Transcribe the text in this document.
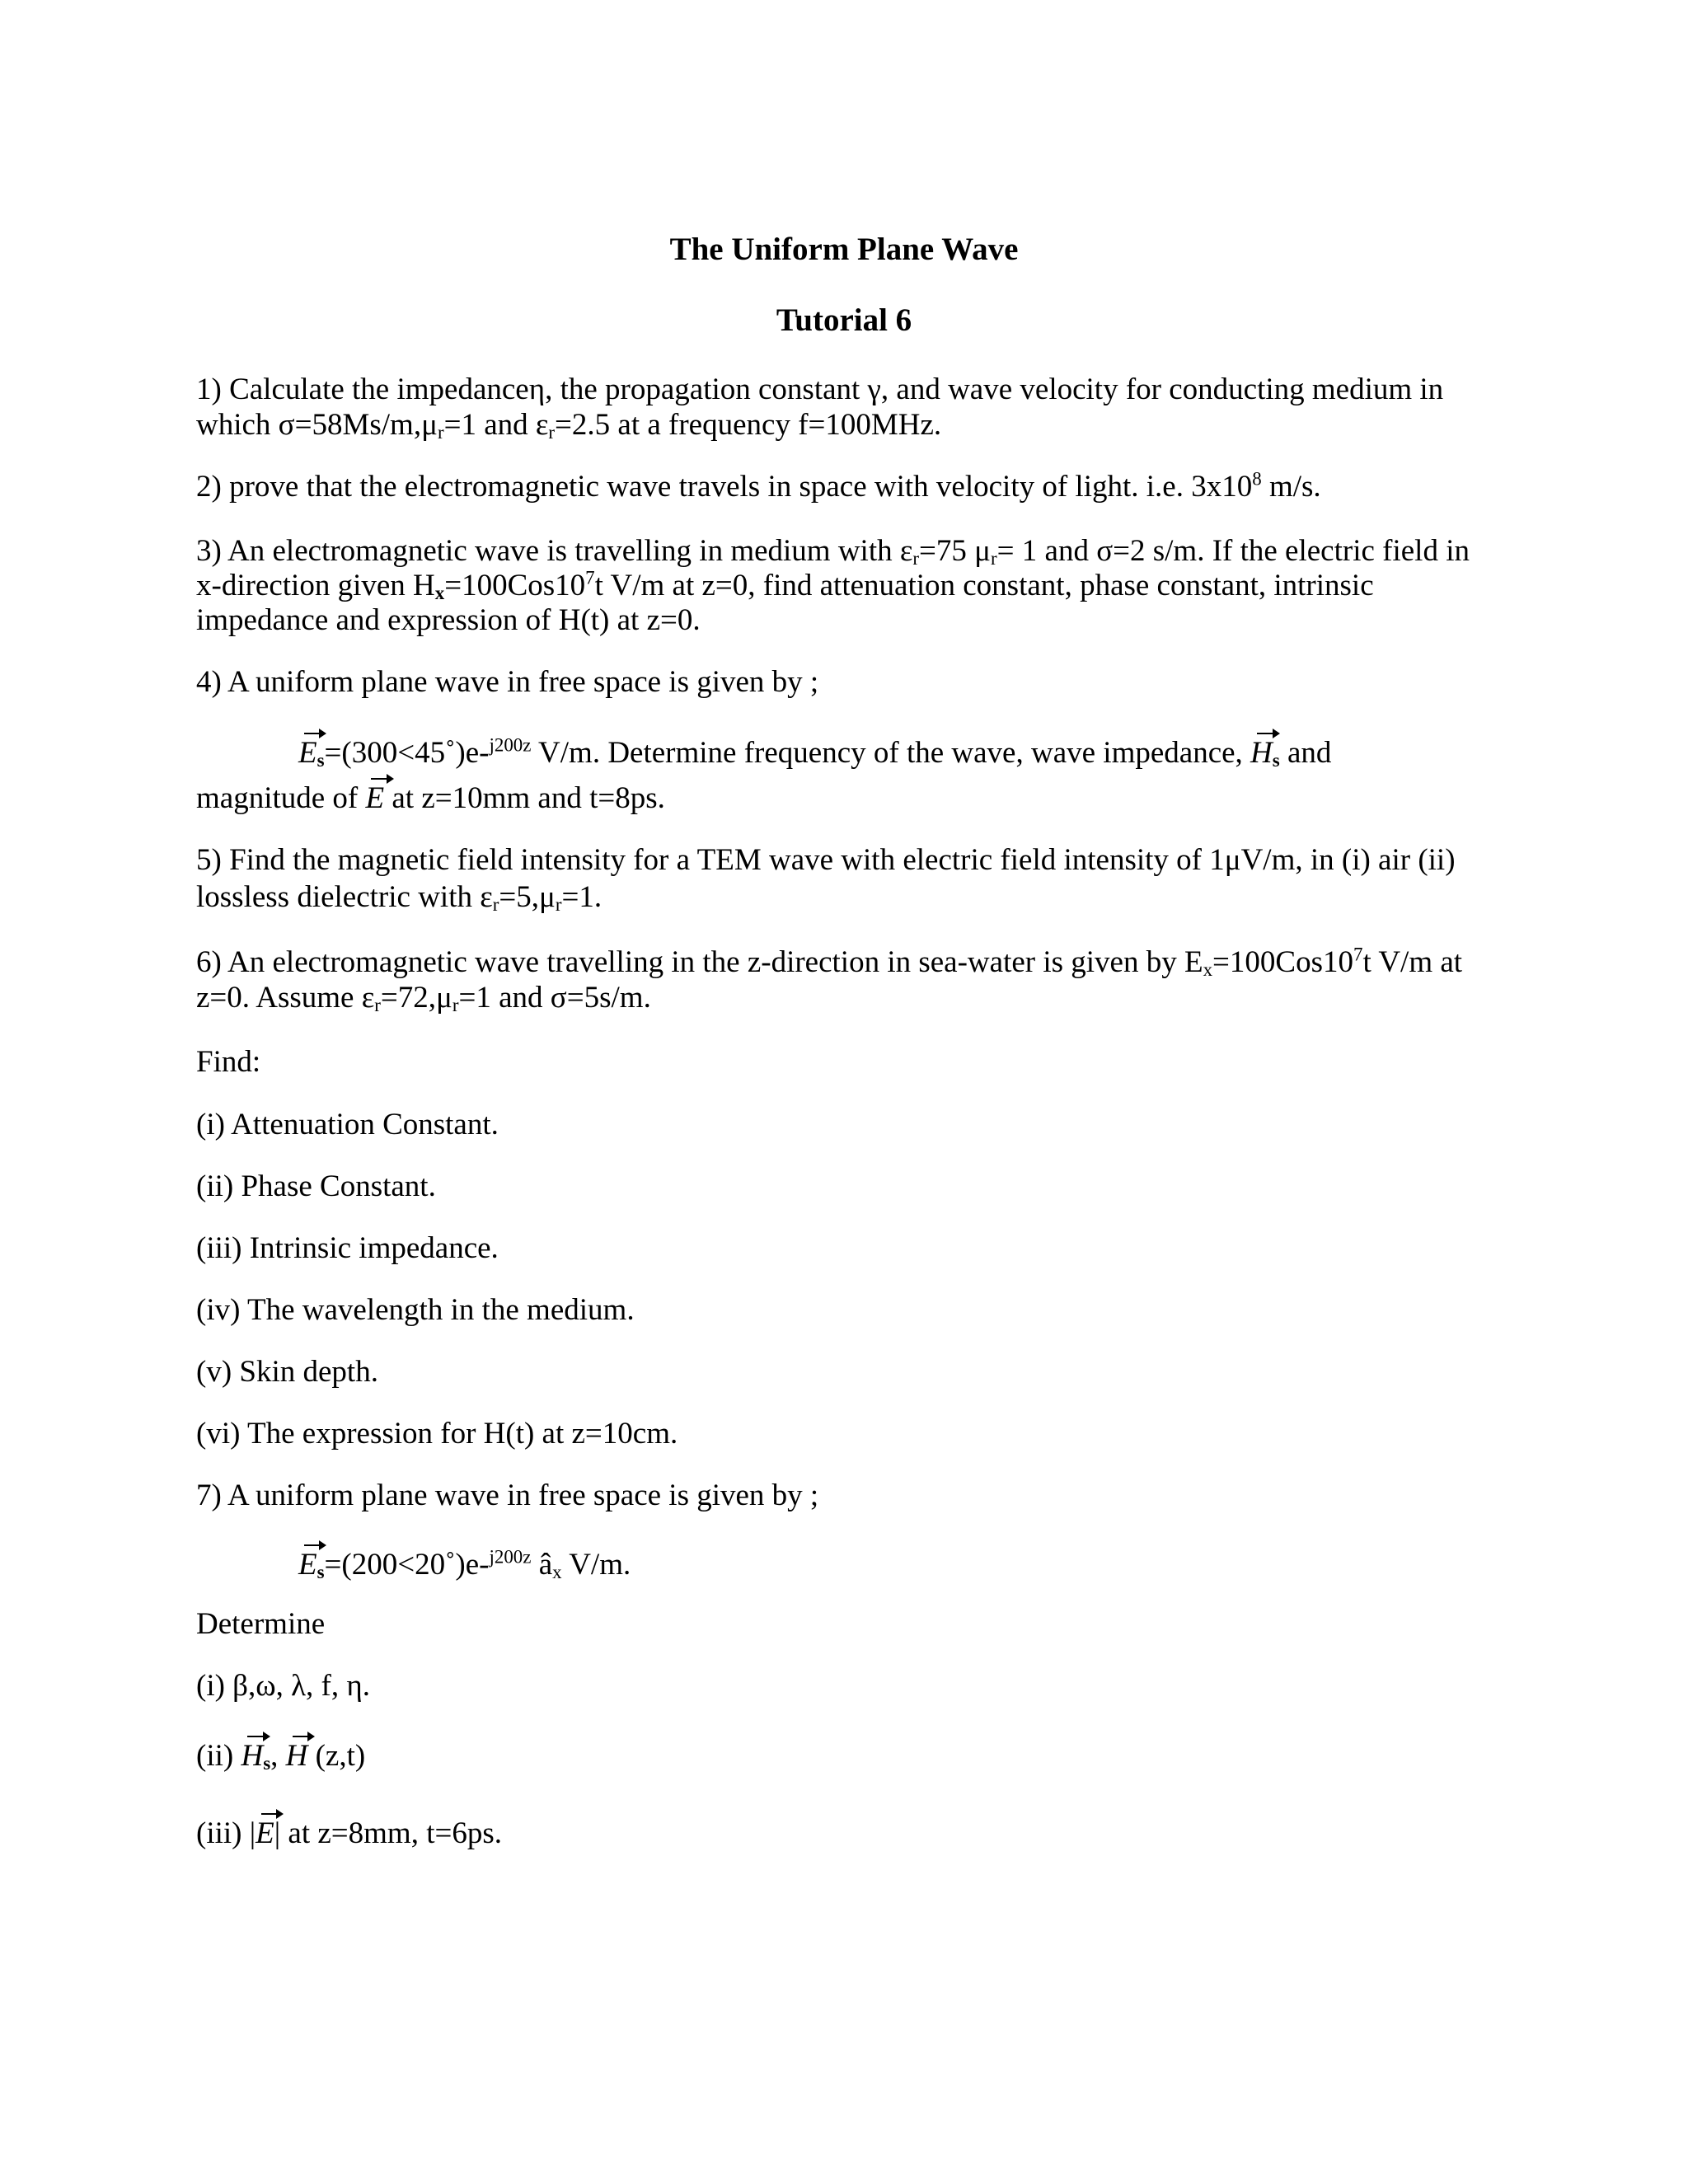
The Uniform Plane Wave
Tutorial 6
1) Calculate the impedanceη, the propagation constant γ, and wave velocity for conducting medium in
which $\sigma=58Ms/m,\mu_r=1$ and $\varepsilon_r=2.5$ at a frequency f=100MHz.
2) prove that the electromagnetic wave travels in space with velocity of light. i.e. $3x10^8$ m/s.
3) An electromagnetic wave is travelling in medium with $\varepsilon_r=75$ $\mu_r= 1$ and σ=2 s/m. If the electric field in
x-direction given $H_x=100Cos10^7t$ V/m at z=0, find attenuation constant, phase constant, intrinsic
impedance and expression of H(t) at z=0.
4) A uniform plane wave in free space is given by ;
$E_s=(300<45˚)e-^{j200z}$ V/m. Determine frequency of the wave, wave impedance, $H_s$ and
magnitude of E at z=10mm and t=8ps.
5) Find the magnetic field intensity for a TEM wave with electric field intensity of 1μV/m, in (i) air (ii)
lossless dielectric with $\varepsilon_r=5,\mu_r=1$.
6) An electromagnetic wave travelling in the z-direction in sea-water is given by $E_x=100Cos10^7t$ V/m at
z=0. Assume $\varepsilon_r=72,\mu_r=1$ and σ=5s/m.
Find:
(i) Attenuation Constant.
(ii) Phase Constant.
(iii) Intrinsic impedance.
(iv) The wavelength in the medium.
(v) Skin depth.
(vi) The expression for H(t) at z=10cm.
7) A uniform plane wave in free space is given by ;
$E_s=(200<20˚)e-^{j200z}$ $â_x$ V/m.
Determine
(i) β,ω, λ, f, η.
(ii) $H_s$, H (z,t)
(iii) |E| at z=8mm, t=6ps.
